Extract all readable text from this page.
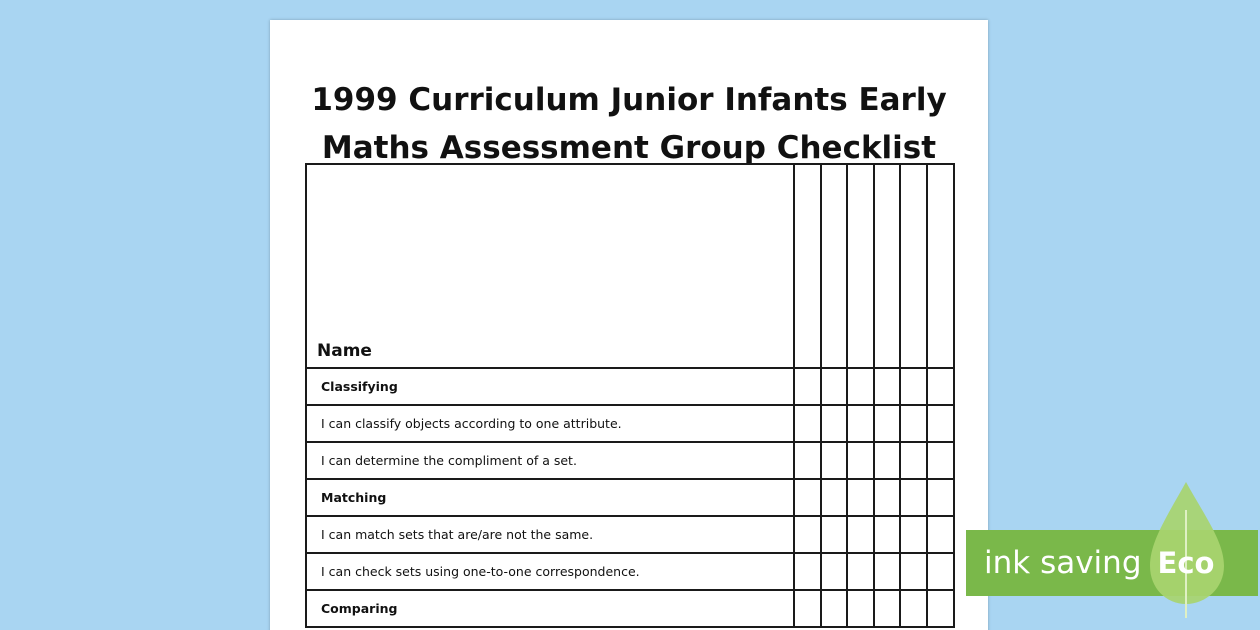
1999 Curriculum Junior Infants Early
Maths Assessment Group Checklist
Name						

Classifying						

I can classify objects according to one attribute.						

I can determine the compliment of a set.						

Matching						

I can match sets that are/are not the same.						

I can check sets using one-to-one correspondence.						

Comparing						

ink saving Eco
